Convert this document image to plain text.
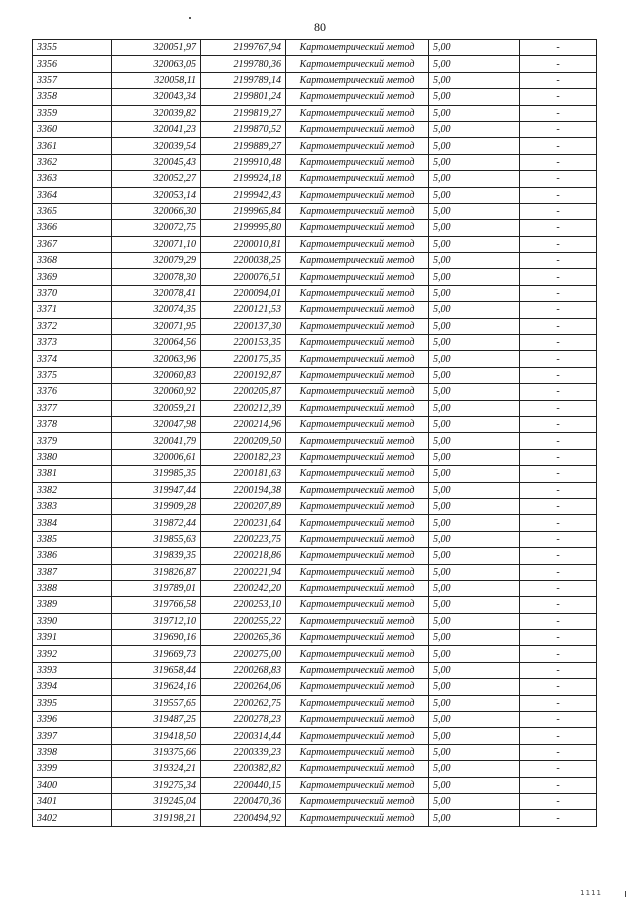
80
3355	320051,97	2199767,94	Картометрический метод	5,00	-
3356	320063,05	2199780,36	Картометрический метод	5,00	-
3357	320058,11	2199789,14	Картометрический метод	5,00	-
3358	320043,34	2199801,24	Картометрический метод	5,00	-
3359	320039,82	2199819,27	Картометрический метод	5,00	-
3360	320041,23	2199870,52	Картометрический метод	5,00	-
3361	320039,54	2199889,27	Картометрический метод	5,00	-
3362	320045,43	2199910,48	Картометрический метод	5,00	-
3363	320052,27	2199924,18	Картометрический метод	5,00	-
3364	320053,14	2199942,43	Картометрический метод	5,00	-
3365	320066,30	2199965,84	Картометрический метод	5,00	-
3366	320072,75	2199995,80	Картометрический метод	5,00	-
3367	320071,10	2200010,81	Картометрический метод	5,00	-
3368	320079,29	2200038,25	Картометрический метод	5,00	-
3369	320078,30	2200076,51	Картометрический метод	5,00	-
3370	320078,41	2200094,01	Картометрический метод	5,00	-
3371	320074,35	2200121,53	Картометрический метод	5,00	-
3372	320071,95	2200137,30	Картометрический метод	5,00	-
3373	320064,56	2200153,35	Картометрический метод	5,00	-
3374	320063,96	2200175,35	Картометрический метод	5,00	-
3375	320060,83	2200192,87	Картометрический метод	5,00	-
3376	320060,92	2200205,87	Картометрический метод	5,00	-
3377	320059,21	2200212,39	Картометрический метод	5,00	-
3378	320047,98	2200214,96	Картометрический метод	5,00	-
3379	320041,79	2200209,50	Картометрический метод	5,00	-
3380	320006,61	2200182,23	Картометрический метод	5,00	-
3381	319985,35	2200181,63	Картометрический метод	5,00	-
3382	319947,44	2200194,38	Картометрический метод	5,00	-
3383	319909,28	2200207,89	Картометрический метод	5,00	-
3384	319872,44	2200231,64	Картометрический метод	5,00	-
3385	319855,63	2200223,75	Картометрический метод	5,00	-
3386	319839,35	2200218,86	Картометрический метод	5,00	-
3387	319826,87	2200221,94	Картометрический метод	5,00	-
3388	319789,01	2200242,20	Картометрический метод	5,00	-
3389	319766,58	2200253,10	Картометрический метод	5,00	-
3390	319712,10	2200255,22	Картометрический метод	5,00	-
3391	319690,16	2200265,36	Картометрический метод	5,00	-
3392	319669,73	2200275,00	Картометрический метод	5,00	-
3393	319658,44	2200268,83	Картометрический метод	5,00	-
3394	319624,16	2200264,06	Картометрический метод	5,00	-
3395	319557,65	2200262,75	Картометрический метод	5,00	-
3396	319487,25	2200278,23	Картометрический метод	5,00	-
3397	319418,50	2200314,44	Картометрический метод	5,00	-
3398	319375,66	2200339,23	Картометрический метод	5,00	-
3399	319324,21	2200382,82	Картометрический метод	5,00	-
3400	319275,34	2200440,15	Картометрический метод	5,00	-
3401	319245,04	2200470,36	Картометрический метод	5,00	-
3402	319198,21	2200494,92	Картометрический метод	5,00	-
1111
